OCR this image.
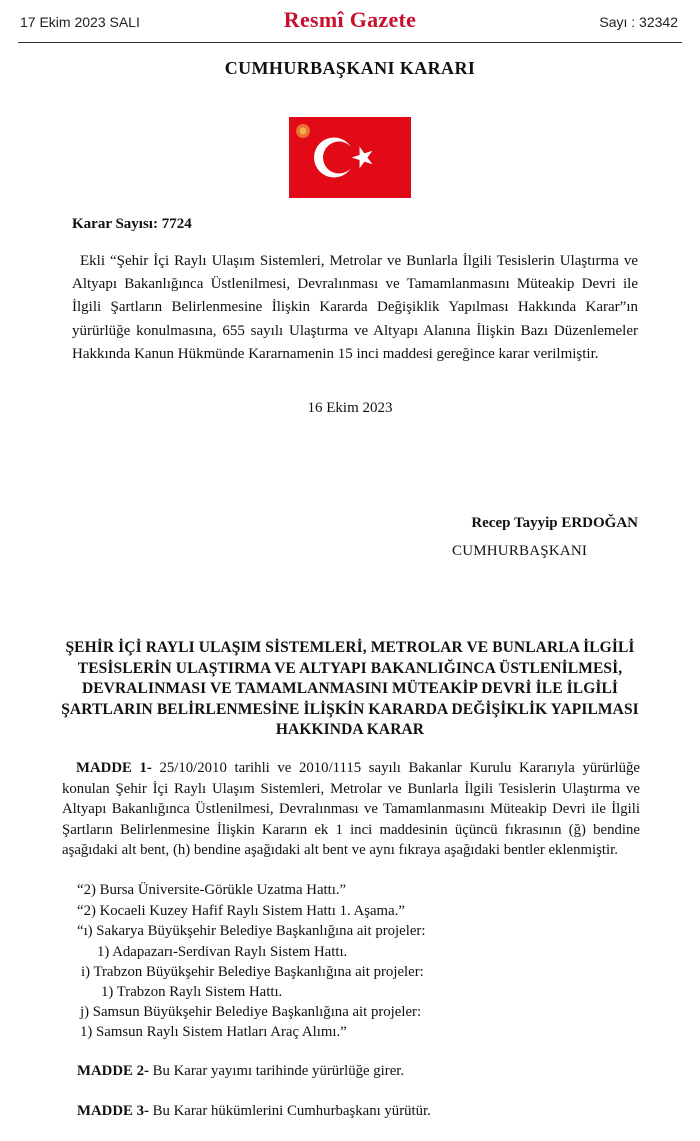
17 Ekim 2023 SALI	Resmî Gazete	Sayı : 32342
CUMHURBAŞKANI KARARI
Karar Sayısı: 7724
Ekli “Şehir İçi Raylı Ulaşım Sistemleri, Metrolar ve Bunlarla İlgili Tesislerin Ulaştırma ve Altyapı Bakanlığınca Üstlenilmesi, Devralınması ve Tamamlanmasını Müteakip Devri ile İlgili Şartların Belirlenmesine İlişkin Kararda Değişiklik Yapılması Hakkında Karar”ın yürürlüğe konulmasına, 655 sayılı Ulaştırma ve Altyapı Alanına İlişkin Bazı Düzenlemeler Hakkında Kanun Hükmünde Kararnamenin 15 inci maddesi gereğince karar verilmiştir.
16 Ekim 2023
Recep Tayyip ERDOĞAN
CUMHURBAŞKANI
ŞEHİR İÇİ RAYLI ULAŞIM SİSTEMLERİ, METROLAR VE BUNLARLA İLGİLİ TESİSLERİN ULAŞTIRMA VE ALTYAPI BAKANLIĞINCA ÜSTLENİLMESİ, DEVRALINMASI VE TAMAMLANMASINI MÜTEAKİP DEVRİ İLE İLGİLİ ŞARTLARIN BELİRLENMESİNE İLİŞKİN KARARDA DEĞİŞİKLİK YAPILMASI HAKKINDA KARAR
MADDE 1- 25/10/2010 tarihli ve 2010/1115 sayılı Bakanlar Kurulu Kararıyla yürürlüğe konulan Şehir İçi Raylı Ulaşım Sistemleri, Metrolar ve Bunlarla İlgili Tesislerin Ulaştırma ve Altyapı Bakanlığınca Üstlenilmesi, Devralınması ve Tamamlanmasını Müteakip Devri ile İlgili Şartların Belirlenmesine İlişkin Kararın ek 1 inci maddesinin üçüncü fıkrasının (ğ) bendine aşağıdaki alt bent, (h) bendine aşağıdaki alt bent ve aynı fıkraya aşağıdaki bentler eklenmiştir.
“2) Bursa Üniversite-Görükle Uzatma Hattı.”
“2) Kocaeli Kuzey Hafif Raylı Sistem Hattı 1. Aşama.”
“ı) Sakarya Büyükşehir Belediye Başkanlığına ait projeler:
1) Adapazarı-Serdivan Raylı Sistem Hattı.
i) Trabzon Büyükşehir Belediye Başkanlığına ait projeler:
1) Trabzon Raylı Sistem Hattı.
j) Samsun Büyükşehir Belediye Başkanlığına ait projeler:
1) Samsun Raylı Sistem Hatları Araç Alımı.”
MADDE 2- Bu Karar yayımı tarihinde yürürlüğe girer.
MADDE 3- Bu Karar hükümlerini Cumhurbaşkanı yürütür.
